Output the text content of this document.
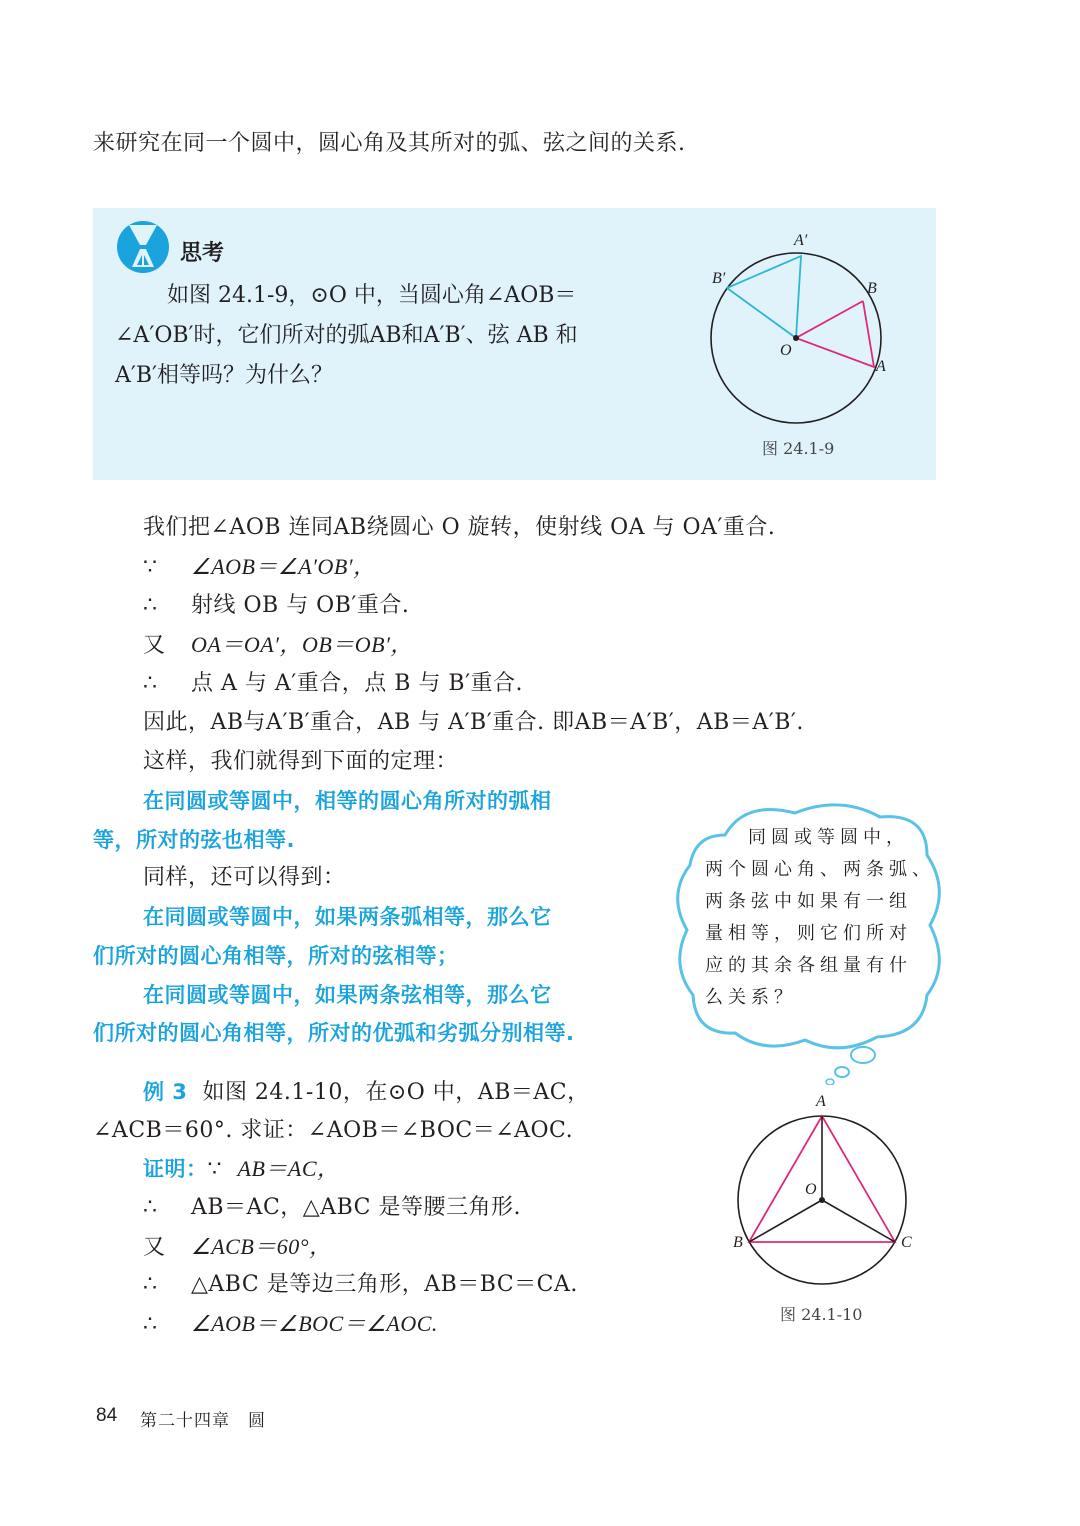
来研究在同一个圆中，圆心角及其所对的弧、弦之间的关系.
思考
如图 24.1-9，⊙O 中，当圆心角∠AOB＝
∠A′OB′时，它们所对的弧AB和A′B′、弦 AB 和
A′B′相等吗？为什么？
A′
B′
B
O
A
图 24.1-9
我们把∠AOB 连同AB绕圆心 O 旋转，使射线 OA 与 OA′重合.
∵ ∠AOB＝∠A′OB′，
∴ 射线 OB 与 OB′重合.
又 OA＝OA′，OB＝OB′，
∴ 点 A 与 A′重合，点 B 与 B′重合.
因此，AB与A′B′重合，AB 与 A′B′重合. 即AB＝A′B′，AB＝A′B′.
这样，我们就得到下面的定理：
在同圆或等圆中，相等的圆心角所对的弧相
等，所对的弦也相等.
同样，还可以得到：
在同圆或等圆中，如果两条弧相等，那么它
们所对的圆心角相等，所对的弦相等；
在同圆或等圆中，如果两条弦相等，那么它
们所对的圆心角相等，所对的优弧和劣弧分别相等.
同圆或等圆中，
两个圆心角、两条弧、
两条弦中如果有一组
量相等，则它们所对
应的其余各组量有什
么关系？
例 3 如图 24.1-10，在⊙O 中，AB＝AC，
∠ACB＝60°. 求证：∠AOB＝∠BOC＝∠AOC.
证明：∵ AB＝AC，
∴ AB＝AC，△ABC 是等腰三角形.
又 ∠ACB＝60°，
∴ △ABC 是等边三角形，AB＝BC＝CA.
∴ ∠AOB＝∠BOC＝∠AOC.
A
O
B	C
图 24.1-10
84 第二十四章　圆
